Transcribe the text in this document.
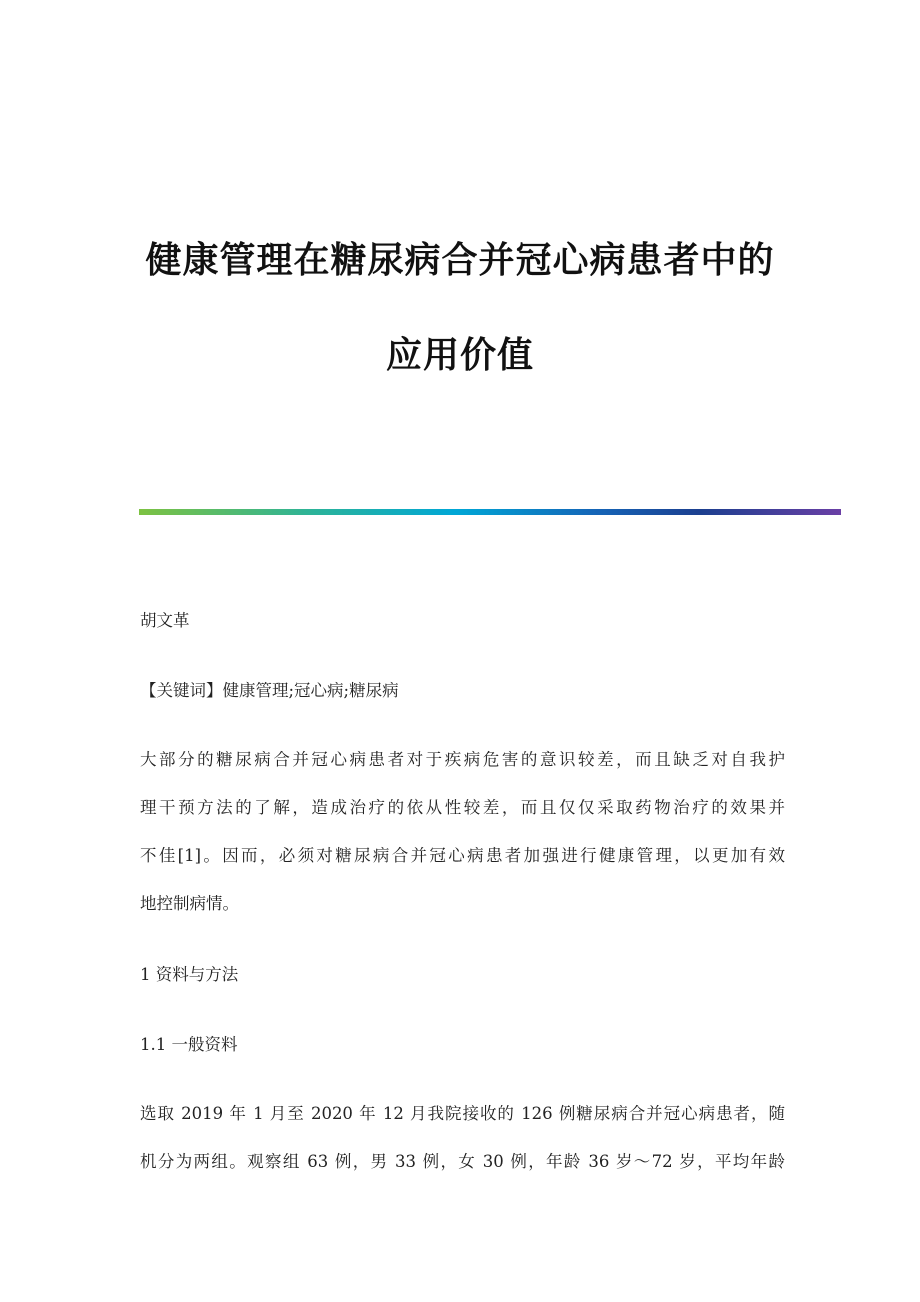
健康管理在糖尿病合并冠心病患者中的
应用价值
胡文革
【关键词】健康管理;冠心病;糖尿病
大部分的糖尿病合并冠心病患者对于疾病危害的意识较差，而且缺乏对自我护
理干预方法的了解，造成治疗的依从性较差，而且仅仅采取药物治疗的效果并
不佳[1]。因而，必须对糖尿病合并冠心病患者加强进行健康管理，以更加有效
地控制病情。
1 资料与方法
1.1 一般资料
选取 2019 年 1 月至 2020 年 12 月我院接收的 126 例糖尿病合并冠心病患者，随
机分为两组。观察组 63 例，男 33 例，女 30 例，年龄 36 岁～72 岁，平均年龄
